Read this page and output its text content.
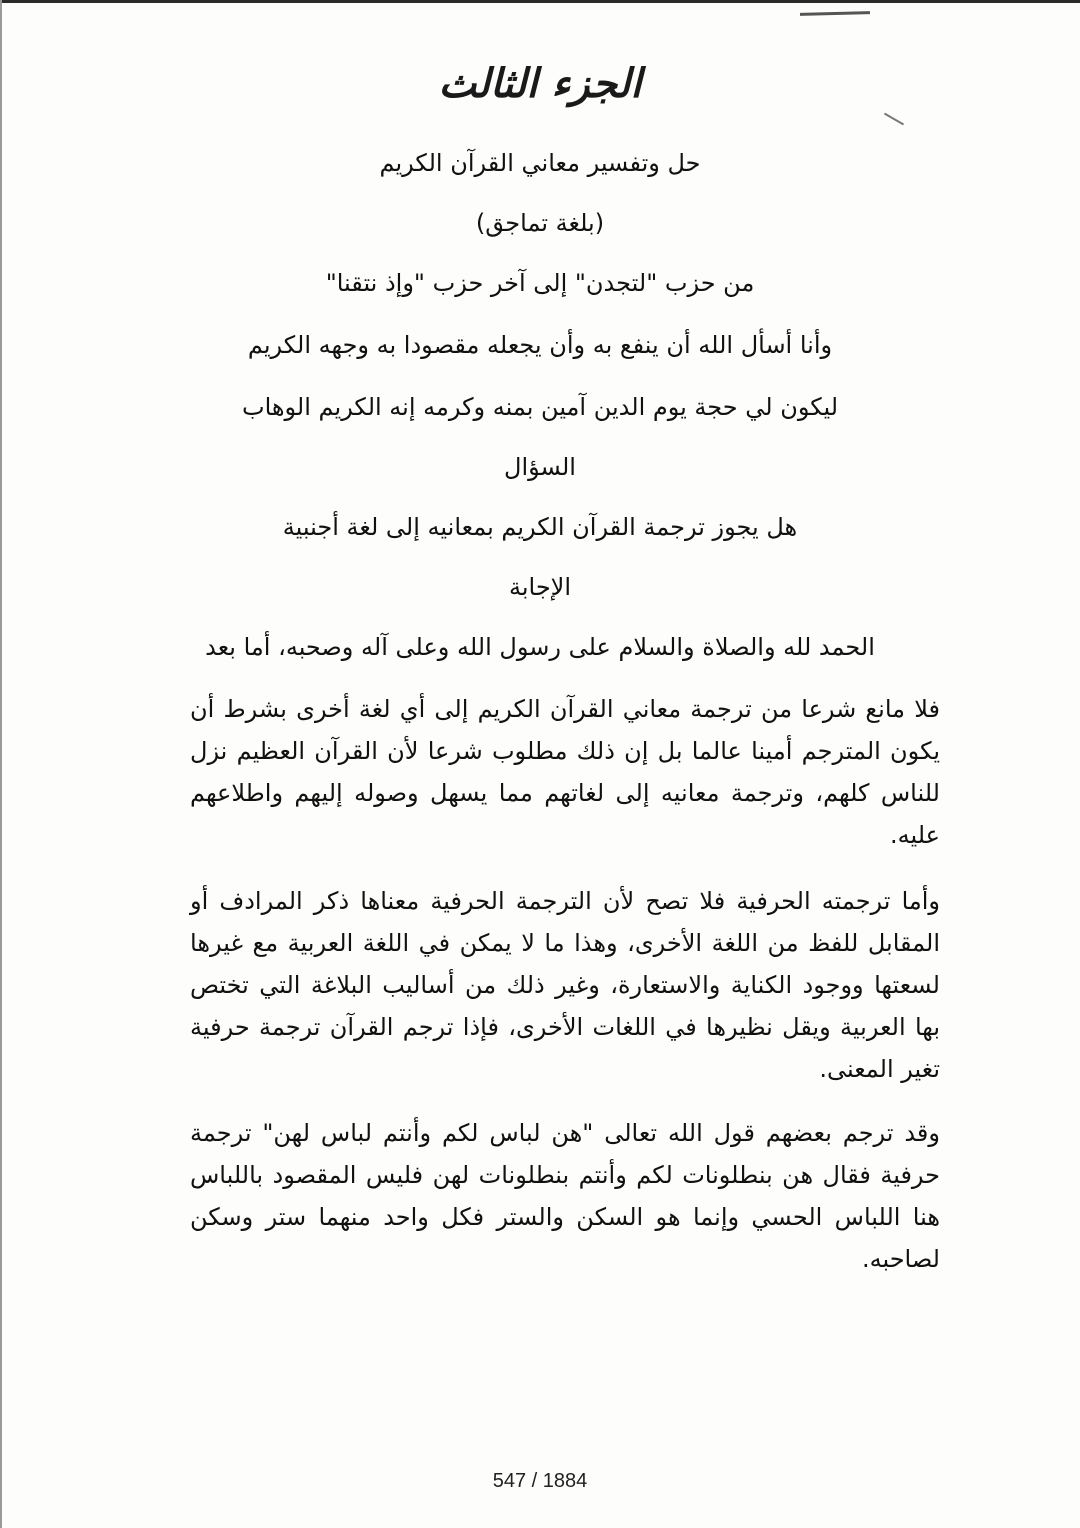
الجزء الثالث
حل وتفسير معاني القرآن الكريم
(بلغة تماجق)
من حزب "لتجدن" إلى آخر حزب "وإذ نتقنا"
وأنا أسأل الله أن ينفع به وأن يجعله مقصودا به وجهه الكريم
ليكون لي حجة يوم الدين آمين بمنه وكرمه إنه الكريم الوهاب
السؤال
هل يجوز ترجمة القرآن الكريم بمعانيه إلى لغة أجنبية
الإجابة
الحمد لله والصلاة والسلام على رسول الله وعلى آله وصحبه، أما بعد
فلا مانع شرعا من ترجمة معاني القرآن الكريم إلى أي لغة أخرى بشرط أن يكون المترجم أمينا عالما بل إن ذلك مطلوب شرعا لأن القرآن العظيم نزل للناس كلهم، وترجمة معانيه إلى لغاتهم مما يسهل وصوله إليهم واطلاعهم عليه.
وأما ترجمته الحرفية فلا تصح لأن الترجمة الحرفية معناها ذكر المرادف أو المقابل للفظ من اللغة الأخرى، وهذا ما لا يمكن في اللغة العربية مع غيرها لسعتها ووجود الكناية والاستعارة، وغير ذلك من أساليب البلاغة التي تختص بها العربية ويقل نظيرها في اللغات الأخرى، فإذا ترجم القرآن ترجمة حرفية تغير المعنى.
وقد ترجم بعضهم قول الله تعالى "هن لباس لكم وأنتم لباس لهن" ترجمة حرفية فقال هن بنطلونات لكم وأنتم بنطلونات لهن فليس المقصود باللباس هنا اللباس الحسي وإنما هو السكن والستر فكل واحد منهما ستر وسكن لصاحبه.
547 / 1884
